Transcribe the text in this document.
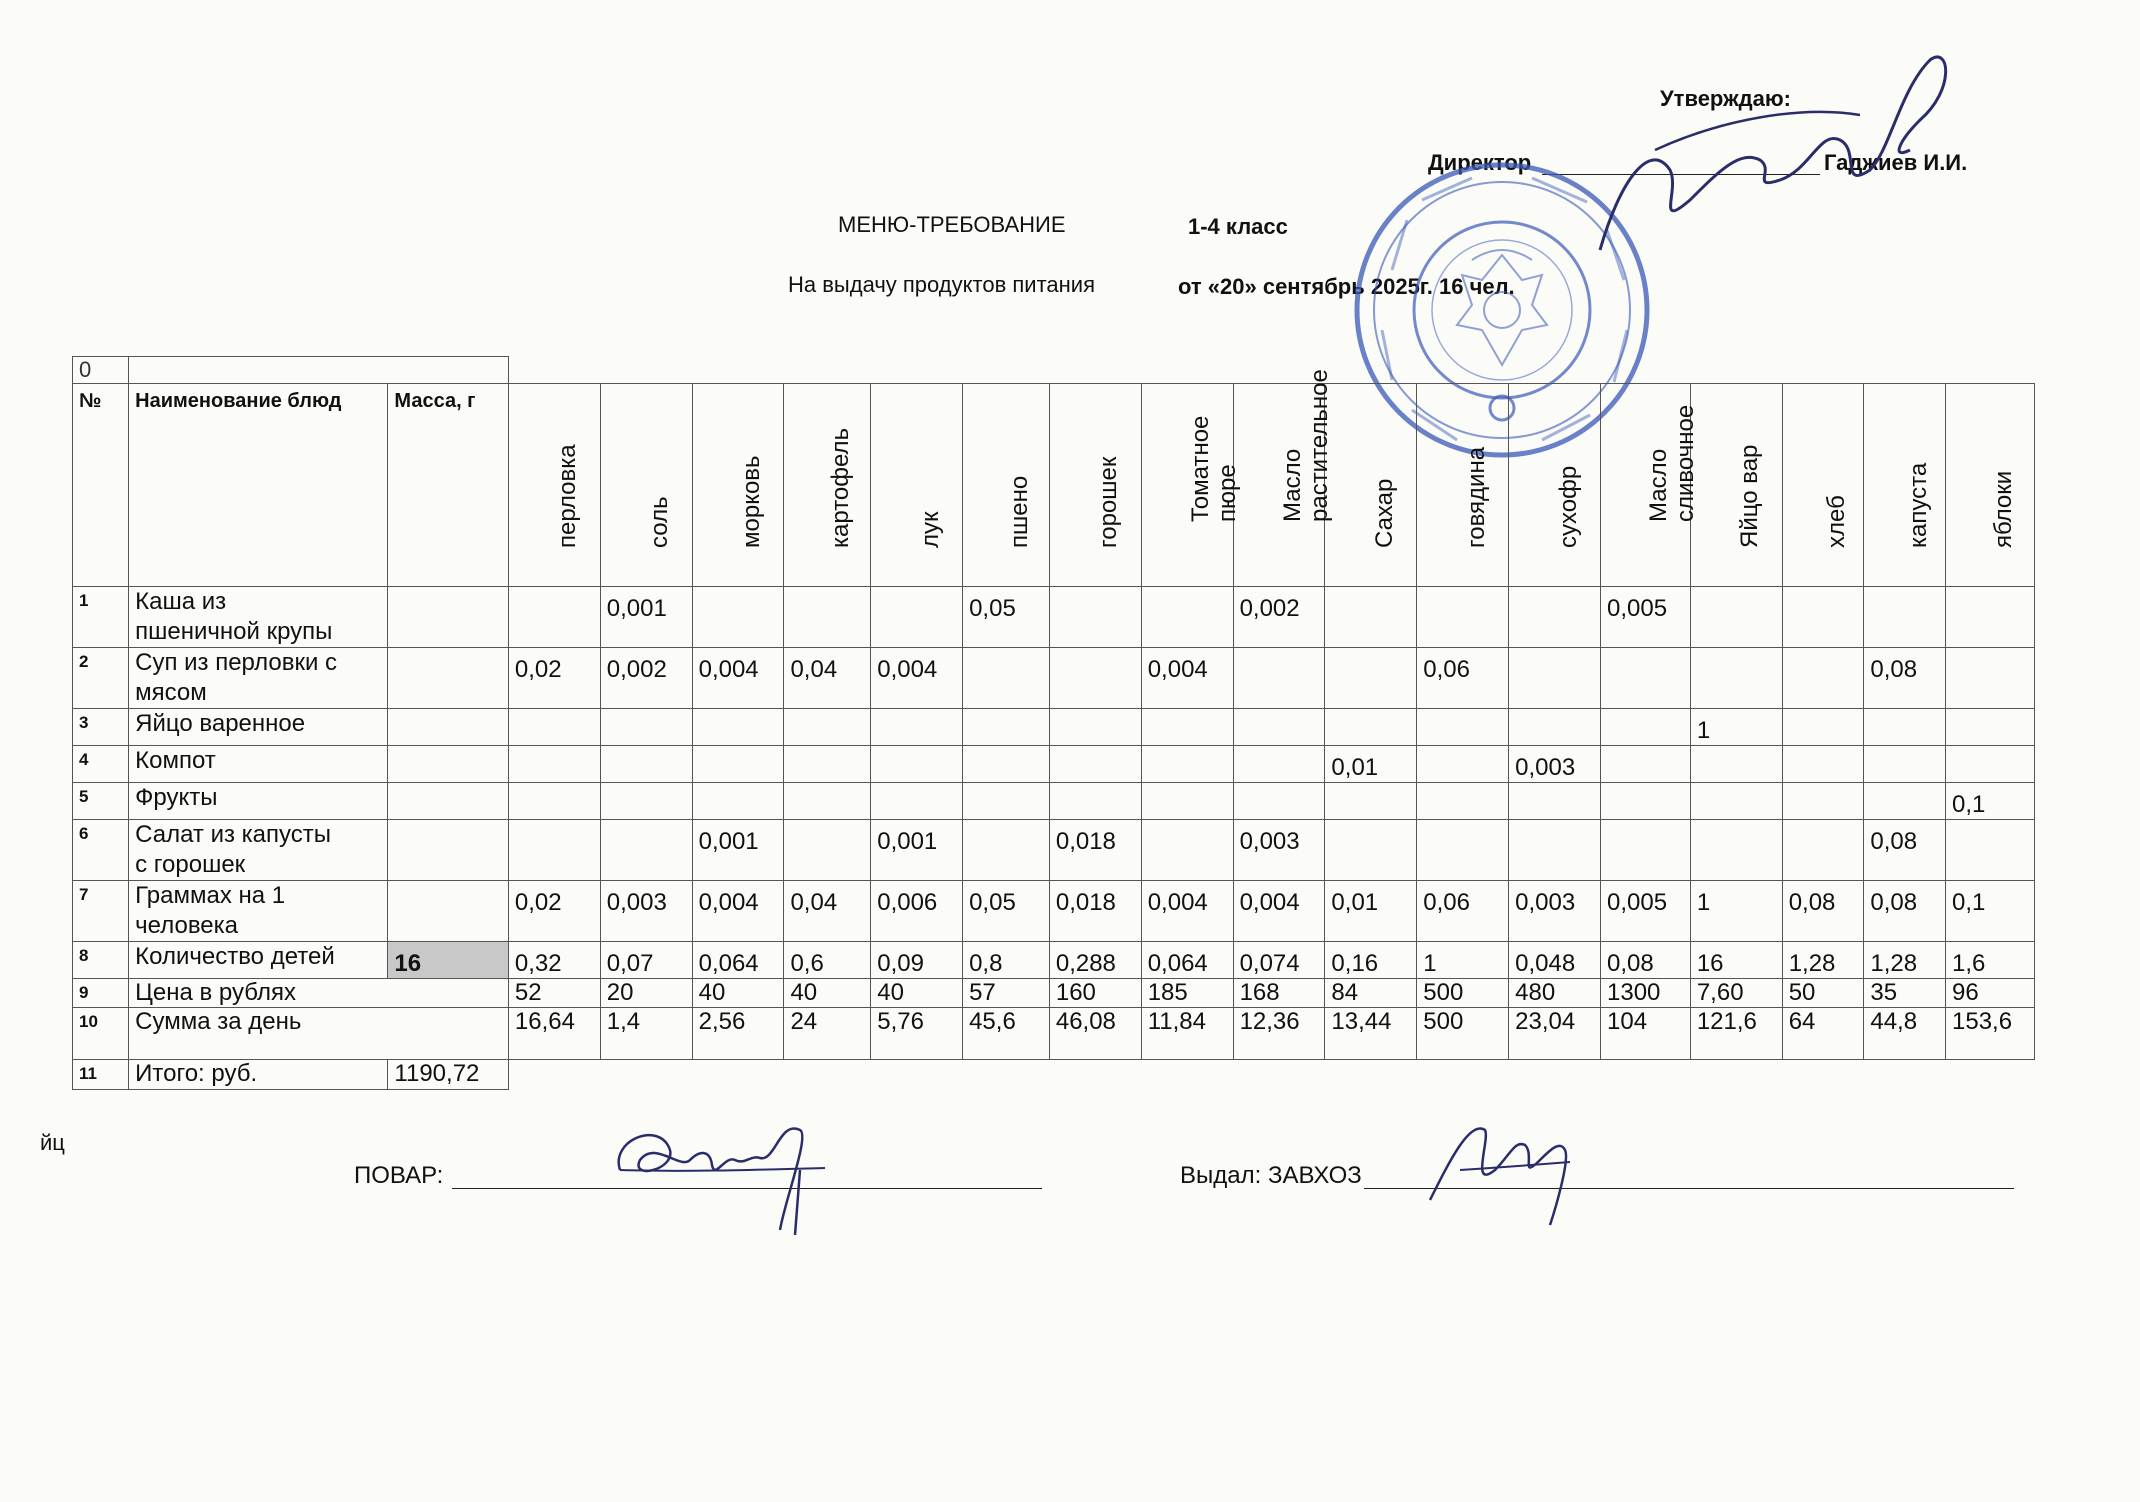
Утверждаю:
Директор	Гаджиев И.И.
МЕНЮ-ТРЕБОВАНИЕ	1-4 класс
На выдачу продуктов питания	от «20» сентябрь 2025г. 16 чел.
0																			
№	Наименование блюд	Масса, г	перловка	соль	морковь	картофель	лук	пшено	горошек	Томатное
пюре	Масло
растительное	Сахар	говядина	сухофр	Масло
сливочное	Яйцо вар	хлеб	капуста	яблоки

1	Каша из
пшеничной крупы			0,001				0,05			0,002				0,005				
2	Суп из перловки с
мясом		0,02	0,002	0,004	0,04	0,004			0,004			0,06					0,08	
3	Яйцо варенное															1			
4	Компот											0,01		0,003					
5	Фрукты																		0,1
6	Салат из капусты
с горошек				0,001		0,001		0,018		0,003							0,08	
7	Граммах на 1
человека		0,02	0,003	0,004	0,04	0,006	0,05	0,018	0,004	0,004	0,01	0,06	0,003	0,005	1	0,08	0,08	0,1
8	Количество детей	16	0,32	0,07	0,064	0,6	0,09	0,8	0,288	0,064	0,074	0,16	1	0,048	0,08	16	1,28	1,28	1,6
9	Цена в рублях		52	20	40	40	40	57	160	185	168	84	500	480	1300	7,60	50	35	96
10	Сумма за день		16,64	1,4	2,56	24	5,76	45,6	46,08	11,84	12,36	13,44	500	23,04	104	121,6	64	44,8	153,6
11	Итого: руб.	1190,72																	
йц
ПОВАР:	Выдал: ЗАВХОЗ
